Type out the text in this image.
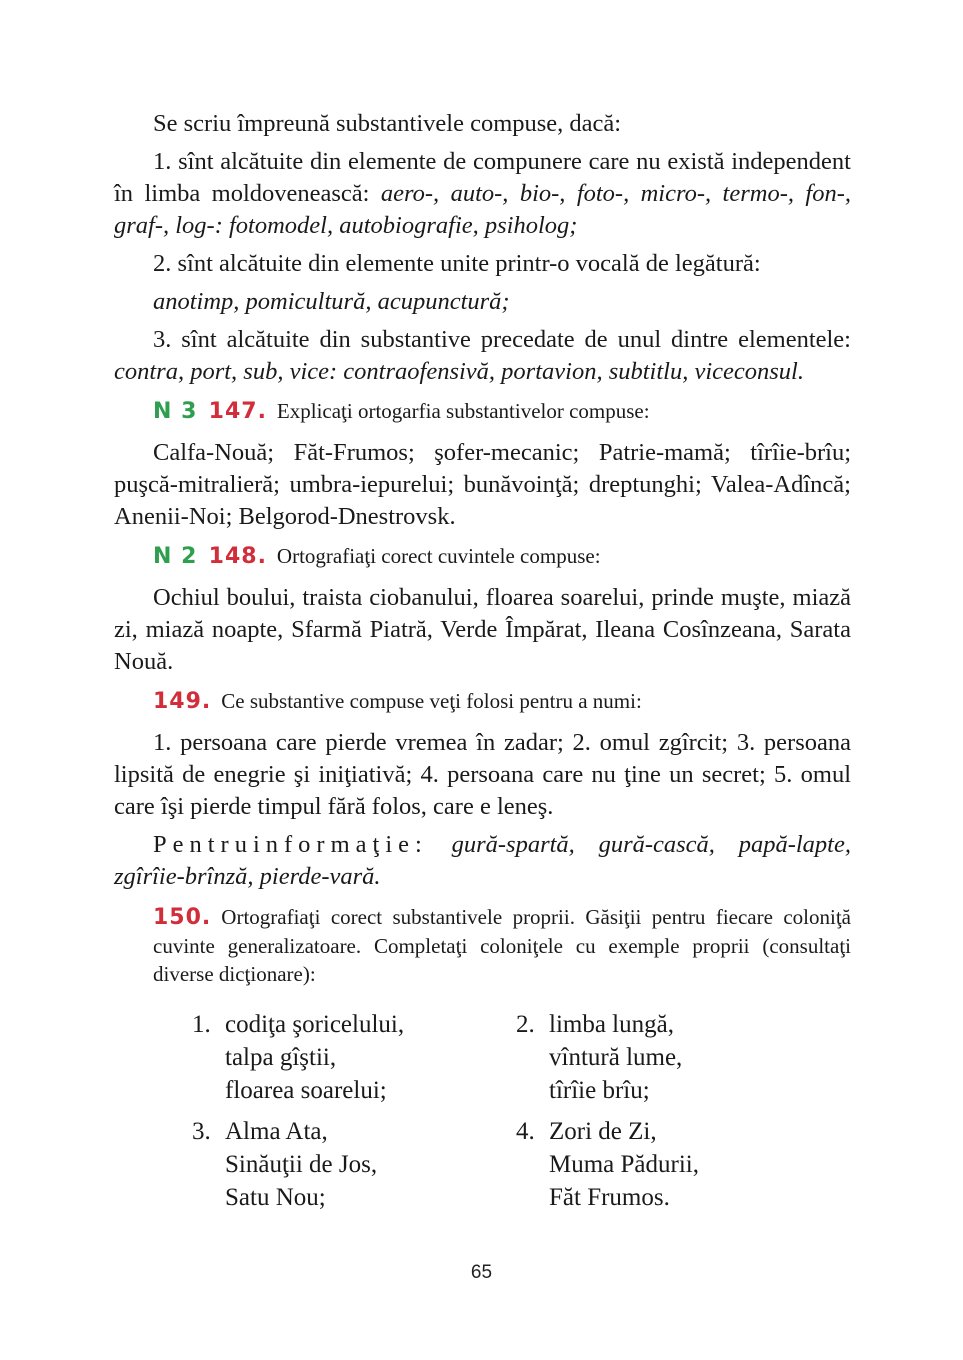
Se scriu împreună substantivele compuse, dacă:

1. sînt alcătuite din elemente de compunere care nu există independent în limba moldovenească: aero-, auto-, bio-, foto-, micro-, termo-, fon-, graf-, log-: fotomodel, autobiografie, psiholog;

2. sînt alcătuite din elemente unite printr-o vocală de legătură:

anotimp, pomicultură, acupunctură;

3. sînt alcătuite din substantive precedate de unul dintre elementele: contra, port, sub, vice: contraofensivă, portavion, subtitlu, viceconsul.

N 3 147. Explicaţi ortogarfia substantivelor compuse:

Calfa-Nouă; Făt-Frumos; şofer-mecanic; Patrie-mamă; tîrîie-brîu; puşcă-mitralieră; umbra-iepurelui; bunăvoinţă; dreptunghi; Valea-Adîncă; Anenii-Noi; Belgorod-Dnestrovsk.

N 2 148. Ortografiaţi corect cuvintele compuse:

Ochiul boului, traista ciobanului, floarea soarelui, prinde muşte, miază zi, miază noapte, Sfarmă Piatră, Verde Împărat, Ileana Cosînzeana, Sarata Nouă.

149. Ce substantive compuse veţi folosi pentru a numi:

1. persoana care pierde vremea în zadar; 2. omul zgîrcit; 3. persoana lipsită de enegrie şi iniţiativă; 4. persoana care nu ţine un secret; 5. omul care îşi pierde timpul fără folos, care e leneş.

Pentruinformaţie: gură-spartă, gură-cască, papă-lapte, zgîrîie-brînză, pierde-vară.

150. Ortografiaţi corect substantivele proprii. Găsiţii pentru fiecare coloniţă cuvinte generalizatoare. Completaţi coloniţele cu exemple proprii (consultaţi diverse dicţionare):

1. codiţa şoricelului,
talpa gîştii,
floarea soarelui;
2. limba lungă,
vîntură lume,
tîrîie brîu;
3. Alma Ata,
Sinăuţii de Jos,
Satu Nou;
4. Zori de Zi,
Muma Pădurii,
Făt Frumos.
65
